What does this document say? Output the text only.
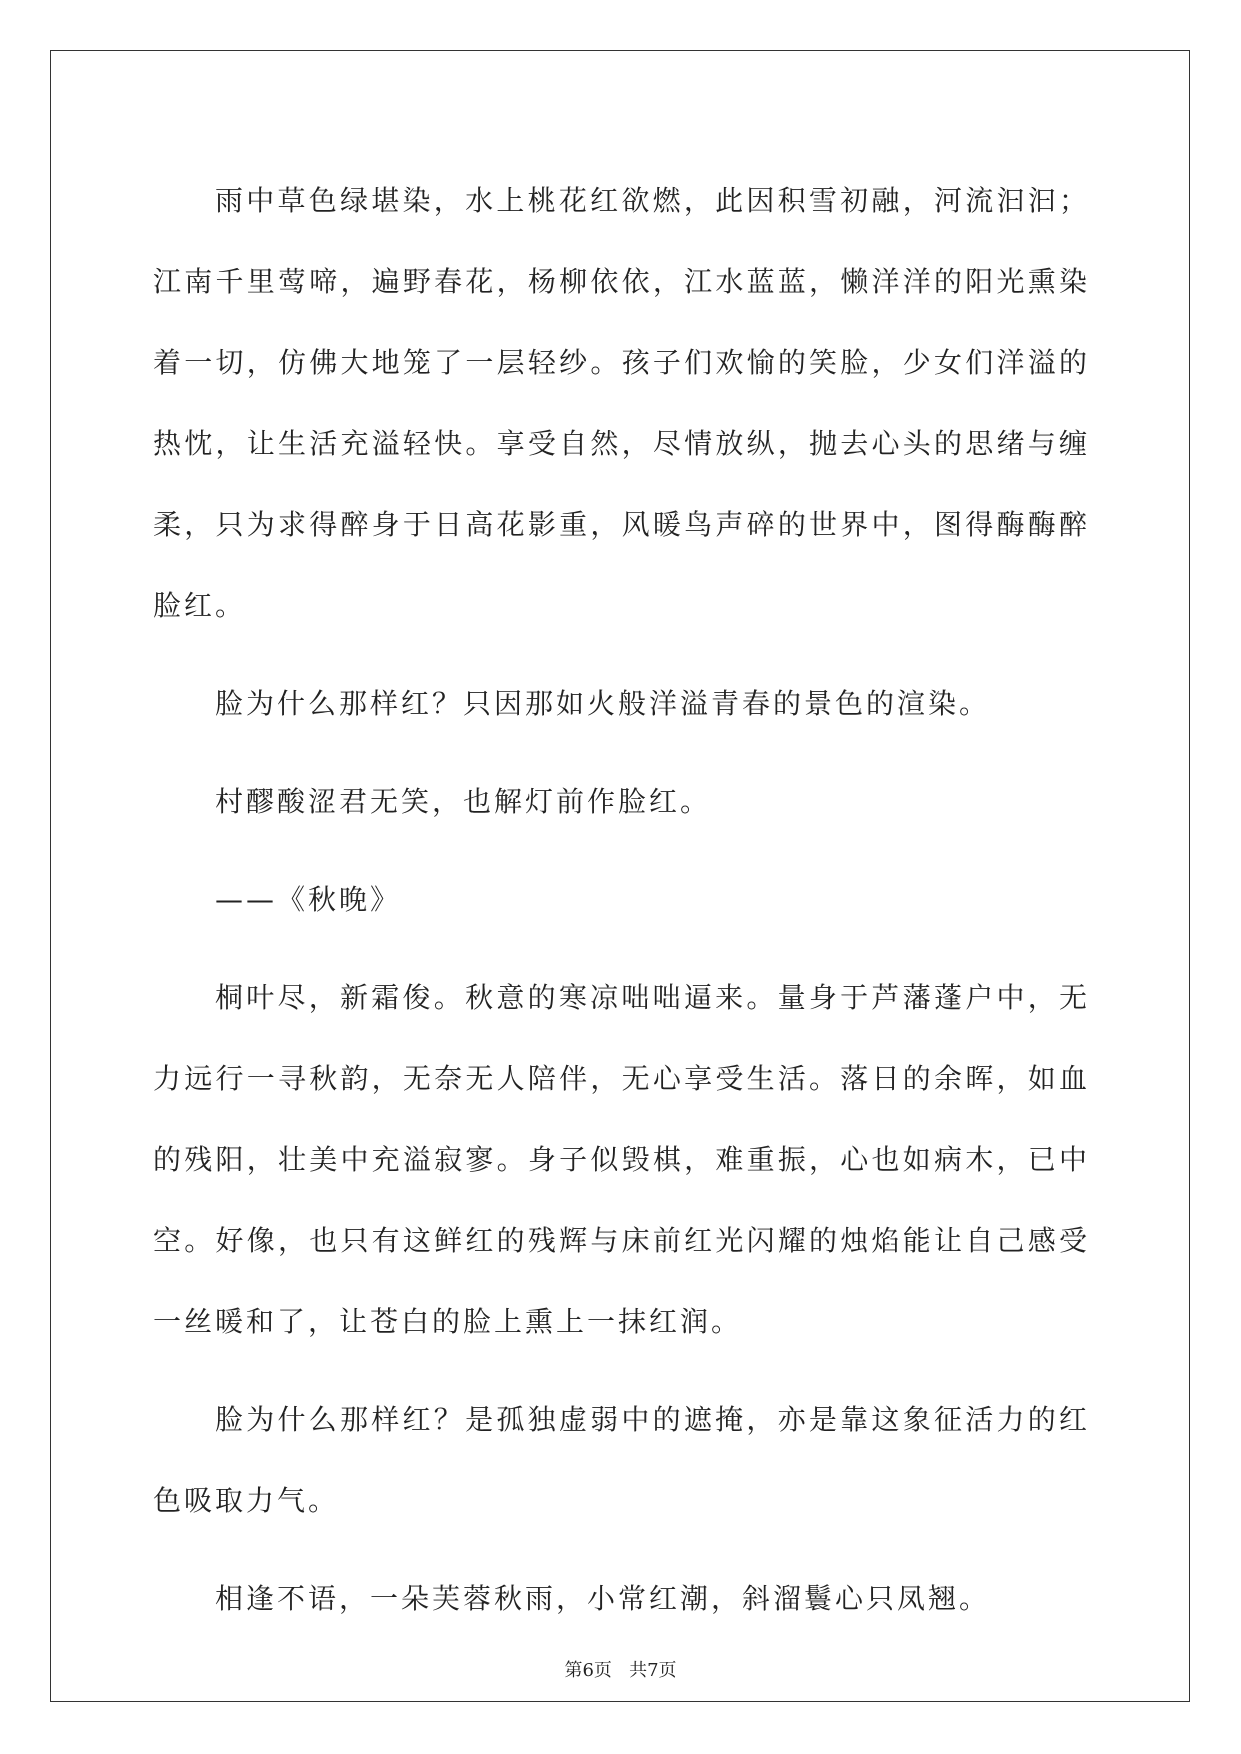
雨中草色绿堪染，水上桃花红欲燃，此因积雪初融，河流汩汩；江南千里莺啼，遍野春花，杨柳依依，江水蓝蓝，懒洋洋的阳光熏染着一切，仿佛大地笼了一层轻纱。孩子们欢愉的笑脸，少女们洋溢的热忱，让生活充溢轻快。享受自然，尽情放纵，抛去心头的思绪与缠柔，只为求得醉身于日高花影重，风暖鸟声碎的世界中，图得酶酶醉脸红。

脸为什么那样红？只因那如火般洋溢青春的景色的渲染。

村醪酸涩君无笑，也解灯前作脸红。

——《秋晚》

桐叶尽，新霜俊。秋意的寒凉咄咄逼来。量身于芦藩蓬户中，无力远行一寻秋韵，无奈无人陪伴，无心享受生活。落日的余晖，如血的残阳，壮美中充溢寂寥。身子似毁棋，难重振，心也如病木，已中空。好像，也只有这鲜红的残辉与床前红光闪耀的烛焰能让自己感受一丝暖和了，让苍白的脸上熏上一抹红润。

脸为什么那样红？是孤独虚弱中的遮掩，亦是靠这象征活力的红色吸取力气。

相逢不语，一朵芙蓉秋雨，小常红潮，斜溜鬟心只凤翘。

第6页 共7页
